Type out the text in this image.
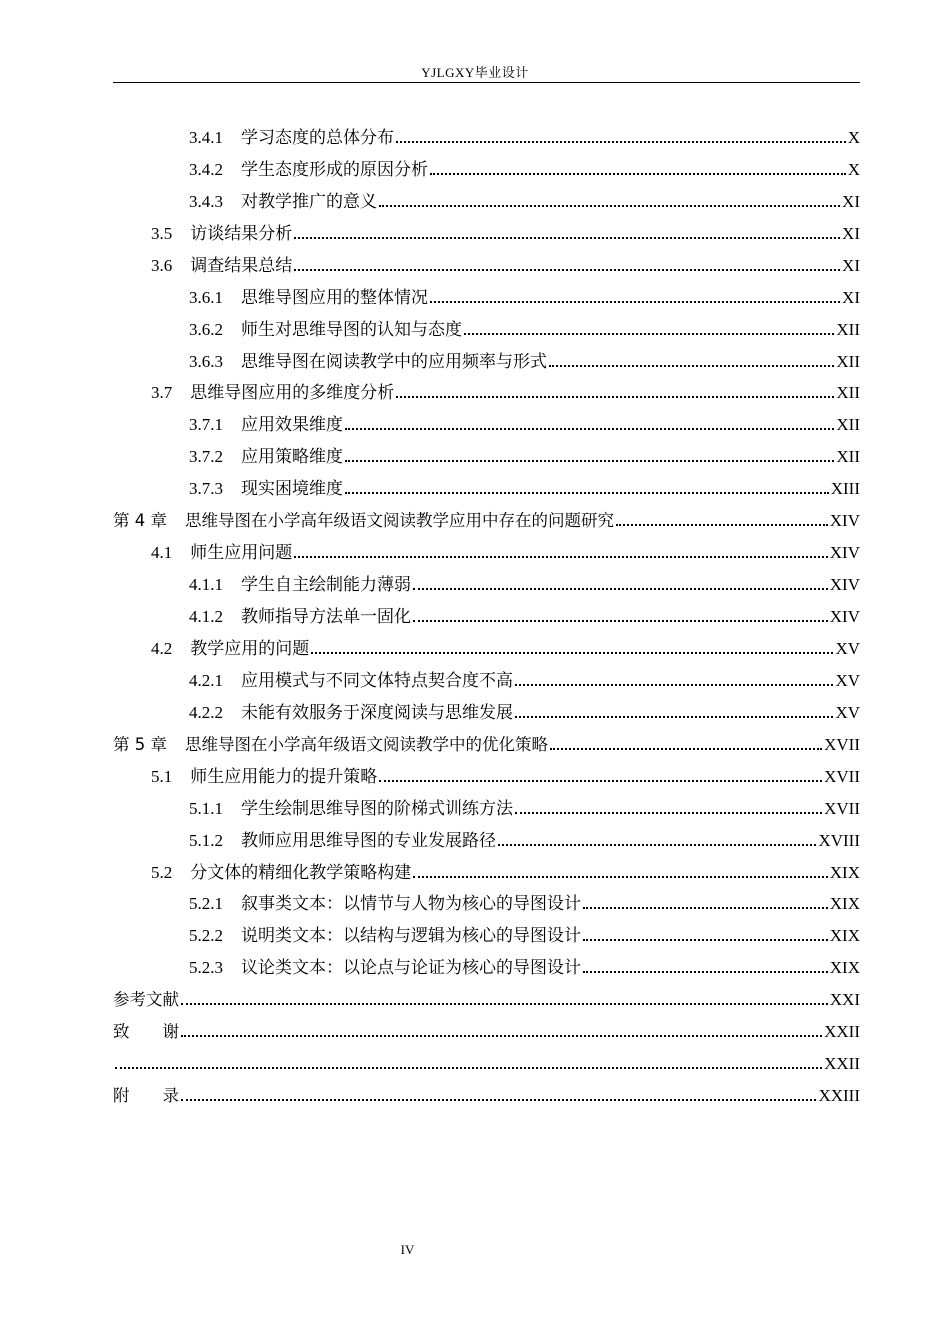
YJLGXY毕业设计
3.4.1 学习态度的总体分布	X
3.4.2 学生态度形成的原因分析	X
3.4.3 对教学推广的意义	XI
3.5 访谈结果分析	XI
3.6 调查结果总结	XI
3.6.1 思维导图应用的整体情况	XI
3.6.2 师生对思维导图的认知与态度	XII
3.6.3 思维导图在阅读教学中的应用频率与形式	XII
3.7 思维导图应用的多维度分析	XII
3.7.1 应用效果维度	XII
3.7.2 应用策略维度	XII
3.7.3 现实困境维度	XIII
第 4 章 思维导图在小学高年级语文阅读教学应用中存在的问题研究	XIV
4.1 师生应用问题	XIV
4.1.1 学生自主绘制能力薄弱	XIV
4.1.2 教师指导方法单一固化	XIV
4.2 教学应用的问题	XV
4.2.1 应用模式与不同文体特点契合度不高	XV
4.2.2 未能有效服务于深度阅读与思维发展	XV
第 5 章 思维导图在小学高年级语文阅读教学中的优化策略	XVII
5.1 师生应用能力的提升策略	XVII
5.1.1 学生绘制思维导图的阶梯式训练方法	XVII
5.1.2 教师应用思维导图的专业发展路径	XVIII
5.2 分文体的精细化教学策略构建	XIX
5.2.1 叙事类文本：以情节与人物为核心的导图设计	XIX
5.2.2 说明类文本：以结构与逻辑为核心的导图设计	XIX
5.2.3 议论类文本：以论点与论证为核心的导图设计	XIX
参考文献	XXI
致　　谢	XXII
XXII
附　　录	XXIII
IV
